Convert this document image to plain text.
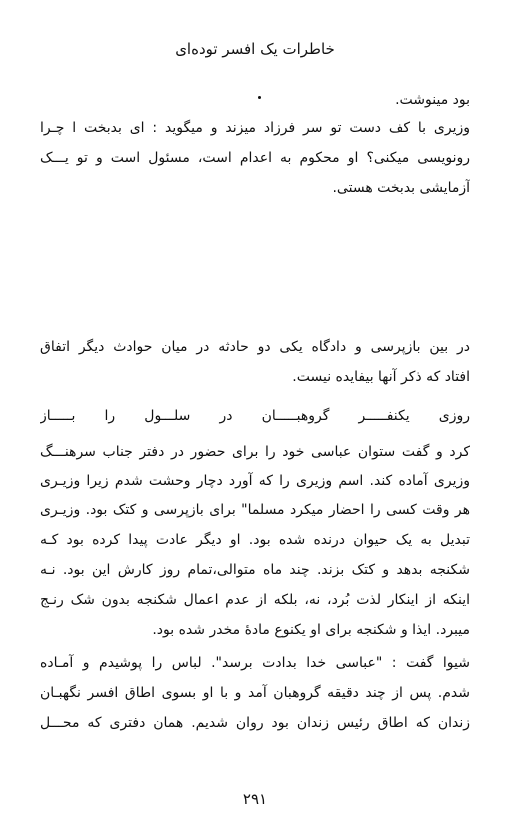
خاطرات یک افسر توده‌ای
بود مینوشت.
وزیری با کف دست تو سر فرزاد میزند و میگوید : ای بدبخت ا چـرا
رونویسی میکنی؟ او محکوم به اعدام است، مسئول است و تو یـــک
آزمایشی بدبخت هستی.
در بین بازپرسی و دادگاه یکی دو حادثه در میان حوادث دیگر اتفاق
افتاد که ذکر آنها بیفایده نیست.
روزی یکنفـــــر گروهبـــــان در سلـــول را بـــــاز
کرد و گفت ستوان عباسی خود را برای حضور در دفتر جناب سرهنـــگ
وزیری آماده کند. اسم وزیری را که آورد دچار وحشت شدم زیرا وزیـری
هر وقت کسی را احضار میکرد مسلما" برای بازپرسی و کتک بود. وزیـری
تبدیل به یک حیوان درنده شده بود. او دیگر عادت پیدا کرده بود کـه
شکنجه بدهد و کتک بزند. چند ماه متوالی،تمام روز کارش این بود. نـه
اینکه از اینکار لذت بُرد، نه، بلکه از عدم اعمال شکنجه بدون شک رنـج
میبرد. ایذا و شکنجه برای او یکنوع مادهٔ مخدر شده بود.
شیوا گفت : "عباسی خدا بدادت برسد". لباس را پوشیدم و آمـاده
شدم. پس از چند دقیقه گروهبان آمد و با او بسوی اطاق افسر نگهبـان
زندان که اطاق رئیس زندان بود روان شدیم. همان دفتری که محـــل
۲۹۱
